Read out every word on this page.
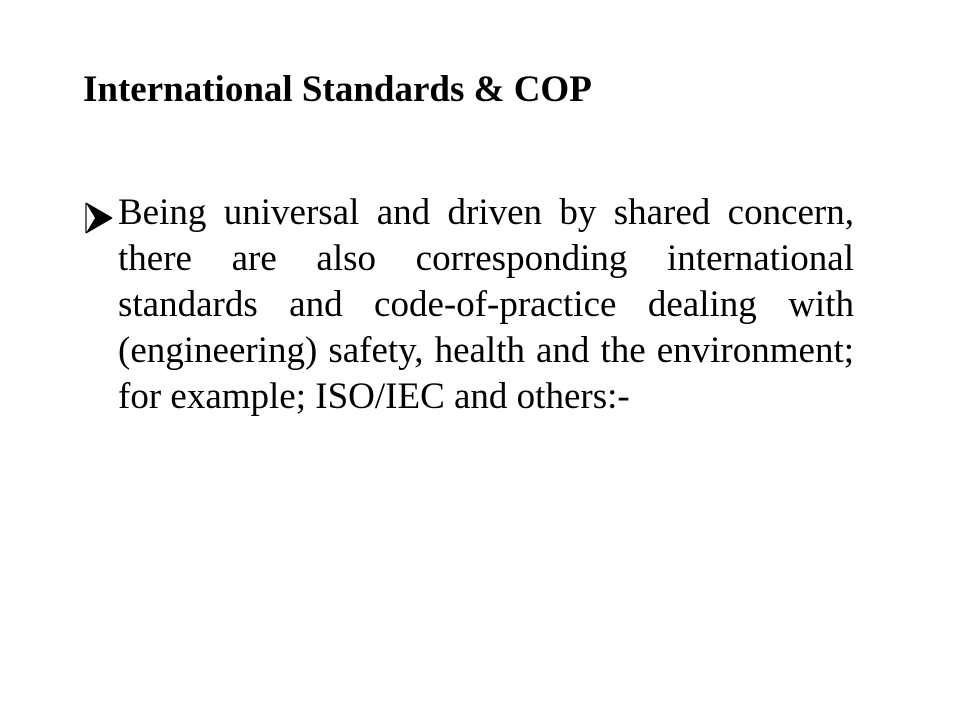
International Standards & COP
Being universal and driven by shared concern, there are also corresponding international standards and code-of-practice dealing with (engineering) safety, health and the environment; for example; ISO/IEC and others:-
